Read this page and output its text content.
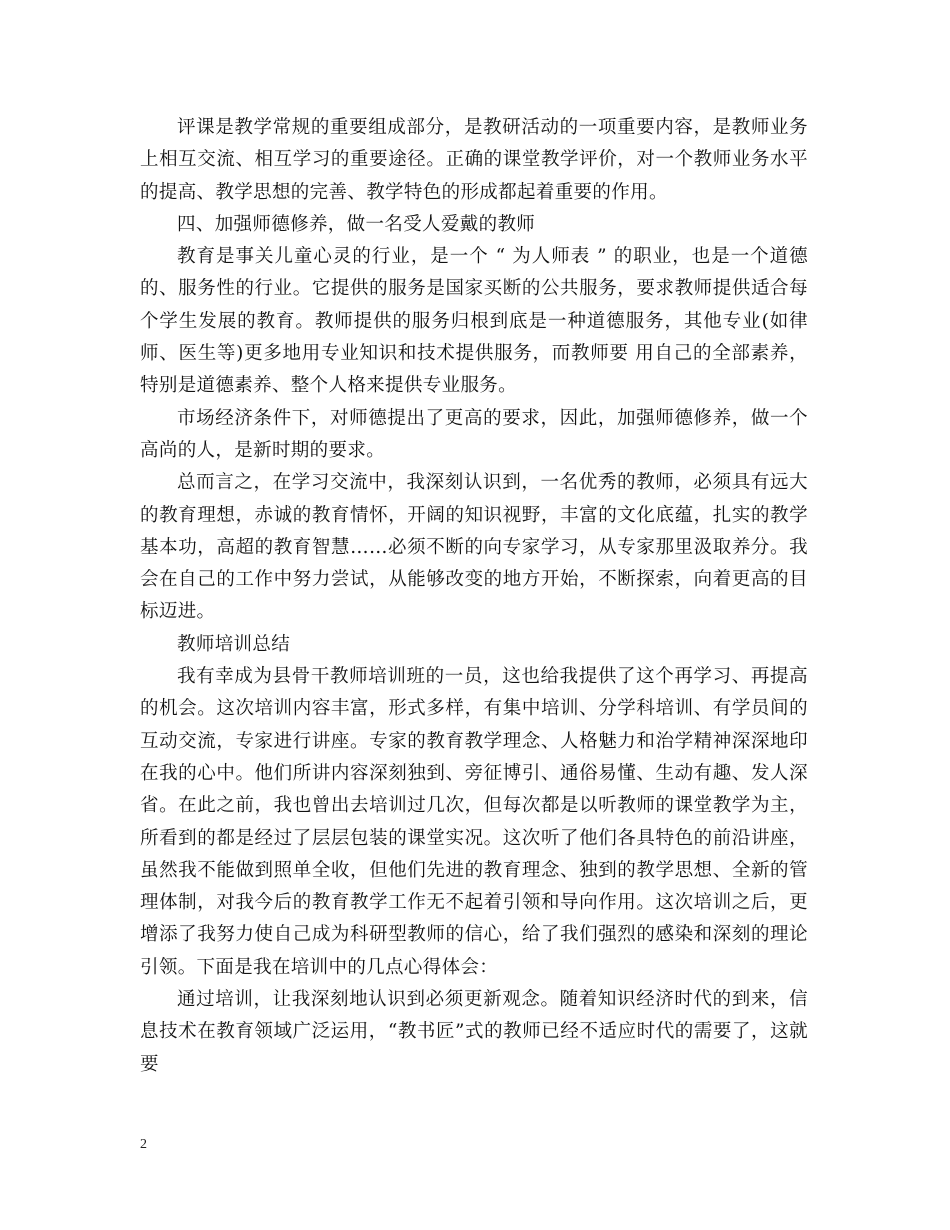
评课是教学常规的重要组成部分，是教研活动的一项重要内容，是教师业务上相互交流、相互学习的重要途径。正确的课堂教学评价，对一个教师业务水平的提高、教学思想的完善、教学特色的形成都起着重要的作用。

四、加强师德修养，做一名受人爱戴的教师

教育是事关儿童心灵的行业，是一个 “ 为人师表 ” 的职业，也是一个道德的、服务性的行业。它提供的服务是国家买断的公共服务，要求教师提供适合每个学生发展的教育。教师提供的服务归根到底是一种道德服务，其他专业(如律师、医生等)更多地用专业知识和技术提供服务，而教师要 用自己的全部素养，特别是道德素养、整个人格来提供专业服务。

市场经济条件下，对师德提出了更高的要求，因此，加强师德修养，做一个高尚的人，是新时期的要求。

总而言之，在学习交流中，我深刻认识到，一名优秀的教师，必须具有远大的教育理想，赤诚的教育情怀，开阔的知识视野，丰富的文化底蕴，扎实的教学基本功，高超的教育智慧……必须不断的向专家学习，从专家那里汲取养分。我会在自己的工作中努力尝试，从能够改变的地方开始，不断探索，向着更高的目标迈进。

教师培训总结

我有幸成为县骨干教师培训班的一员，这也给我提供了这个再学习、再提高的机会。这次培训内容丰富，形式多样，有集中培训、分学科培训、有学员间的互动交流，专家进行讲座。专家的教育教学理念、人格魅力和治学精神深深地印在我的心中。他们所讲内容深刻独到、旁征博引、通俗易懂、生动有趣、发人深省。在此之前，我也曾出去培训过几次，但每次都是以听教师的课堂教学为主，所看到的都是经过了层层包装的课堂实况。这次听了他们各具特色的前沿讲座，虽然我不能做到照单全收，但他们先进的教育理念、独到的教学思想、全新的管理体制，对我今后的教育教学工作无不起着引领和导向作用。这次培训之后，更增添了我努力使自己成为科研型教师的信心，给了我们强烈的感染和深刻的理论引领。下面是我在培训中的几点心得体会：

通过培训，让我深刻地认识到必须更新观念。随着知识经济时代的到来，信息技术在教育领域广泛运用，“教书匠”式的教师已经不适应时代的需要了，这就要

2
